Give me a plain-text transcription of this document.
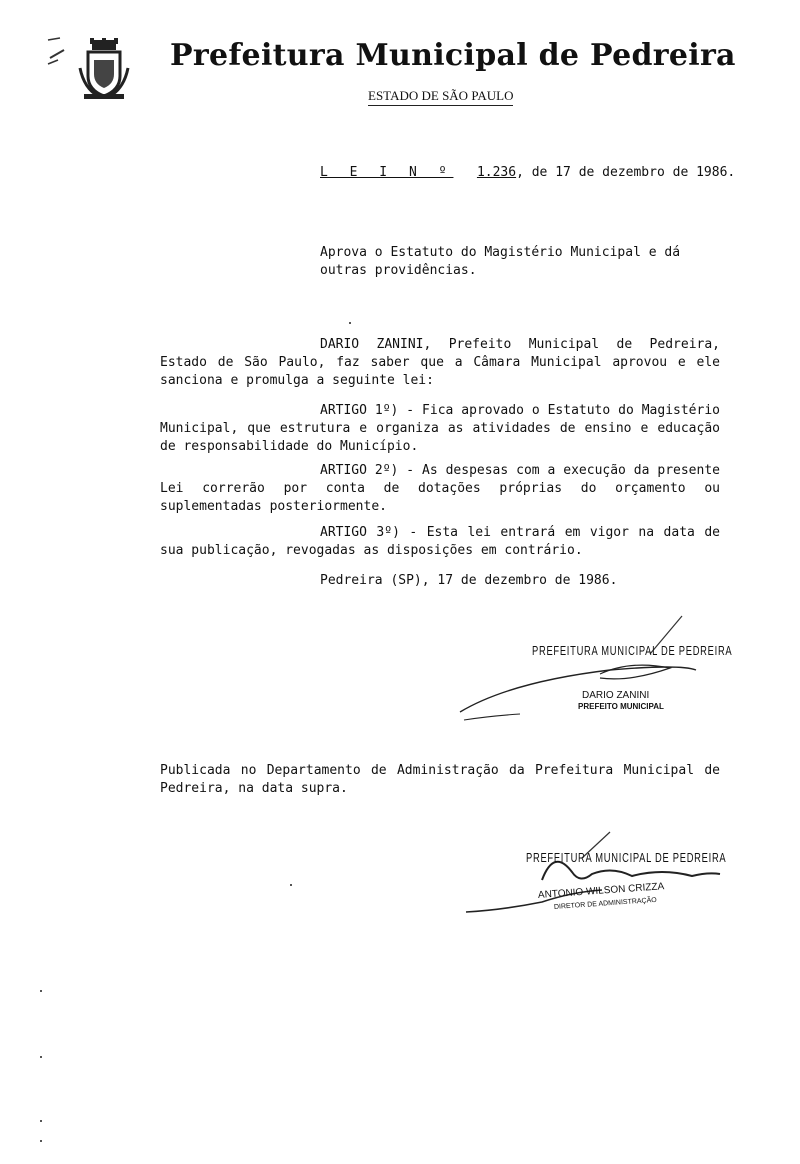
Prefeitura Municipal de Pedreira
ESTADO DE SÃO PAULO
L E I N º 1.236, de 17 de dezembro de 1986.
Aprova o Estatuto do Magistério Municipal e dá outras providências.
DARIO ZANINI, Prefeito Municipal de Pedreira, Estado de São Paulo, faz saber que a Câmara Municipal aprovou e ele sanciona e promulga a seguinte lei:
ARTIGO 1º) - Fica aprovado o Estatuto do Magistério Municipal, que estrutura e organiza as atividades de ensino e educação de responsabilidade do Município.
ARTIGO 2º) - As despesas com a execução da presente Lei correrão por conta de dotações próprias do orçamento ou suplementadas posteriormente.
ARTIGO 3º) - Esta lei entrará em vigor na data de sua publicação, revogadas as disposições em contrário.
Pedreira (SP), 17 de dezembro de 1986.
PREFEITURA MUNICIPAL DE PEDREIRA
DARIO ZANINI
PREFEITO MUNICIPAL
Publicada no Departamento de Administração da Prefeitura Municipal de Pedreira, na data supra.
PREFEITURA MUNICIPAL DE PEDREIRA
ANTONIO WILSON CRIZZA
DIRETOR DE ADMINISTRAÇÃO
